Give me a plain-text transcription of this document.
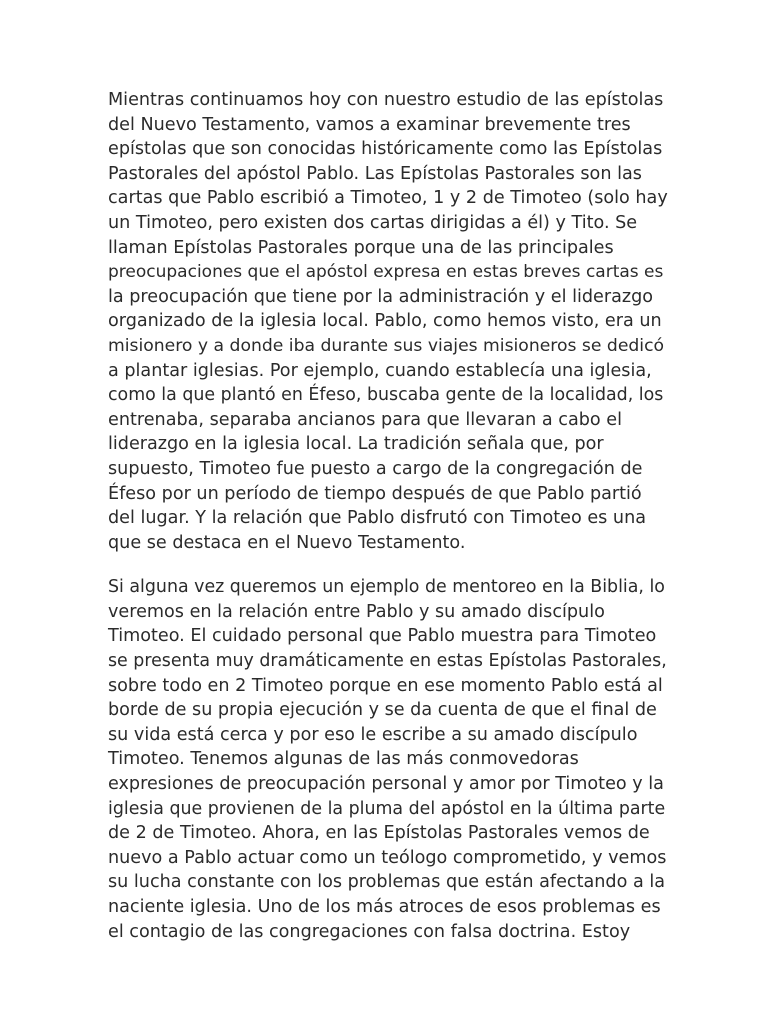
Mientras continuamos hoy con nuestro estudio de las epístolas
del Nuevo Testamento, vamos a examinar brevemente tres
epístolas que son conocidas históricamente como las Epístolas
Pastorales del apóstol Pablo. Las Epístolas Pastorales son las
cartas que Pablo escribió a Timoteo, 1 y 2 de Timoteo (solo hay
un Timoteo, pero existen dos cartas dirigidas a él) y Tito. Se
llaman Epístolas Pastorales porque una de las principales
preocupaciones que el apóstol expresa en estas breves cartas es
la preocupación que tiene por la administración y el liderazgo
organizado de la iglesia local. Pablo, como hemos visto, era un
misionero y a donde iba durante sus viajes misioneros se dedicó
a plantar iglesias. Por ejemplo, cuando establecía una iglesia,
como la que plantó en Éfeso, buscaba gente de la localidad, los
entrenaba, separaba ancianos para que llevaran a cabo el
liderazgo en la iglesia local. La tradición señala que, por
supuesto, Timoteo fue puesto a cargo de la congregación de
Éfeso por un período de tiempo después de que Pablo partió
del lugar. Y la relación que Pablo disfrutó con Timoteo es una
que se destaca en el Nuevo Testamento.
Si alguna vez queremos un ejemplo de mentoreo en la Biblia, lo
veremos en la relación entre Pablo y su amado discípulo
Timoteo. El cuidado personal que Pablo muestra para Timoteo
se presenta muy dramáticamente en estas Epístolas Pastorales,
sobre todo en 2 Timoteo porque en ese momento Pablo está al
borde de su propia ejecución y se da cuenta de que el final de
su vida está cerca y por eso le escribe a su amado discípulo
Timoteo. Tenemos algunas de las más conmovedoras
expresiones de preocupación personal y amor por Timoteo y la
iglesia que provienen de la pluma del apóstol en la última parte
de 2 de Timoteo. Ahora, en las Epístolas Pastorales vemos de
nuevo a Pablo actuar como un teólogo comprometido, y vemos
su lucha constante con los problemas que están afectando a la
naciente iglesia. Uno de los más atroces de esos problemas es
el contagio de las congregaciones con falsa doctrina. Estoy
